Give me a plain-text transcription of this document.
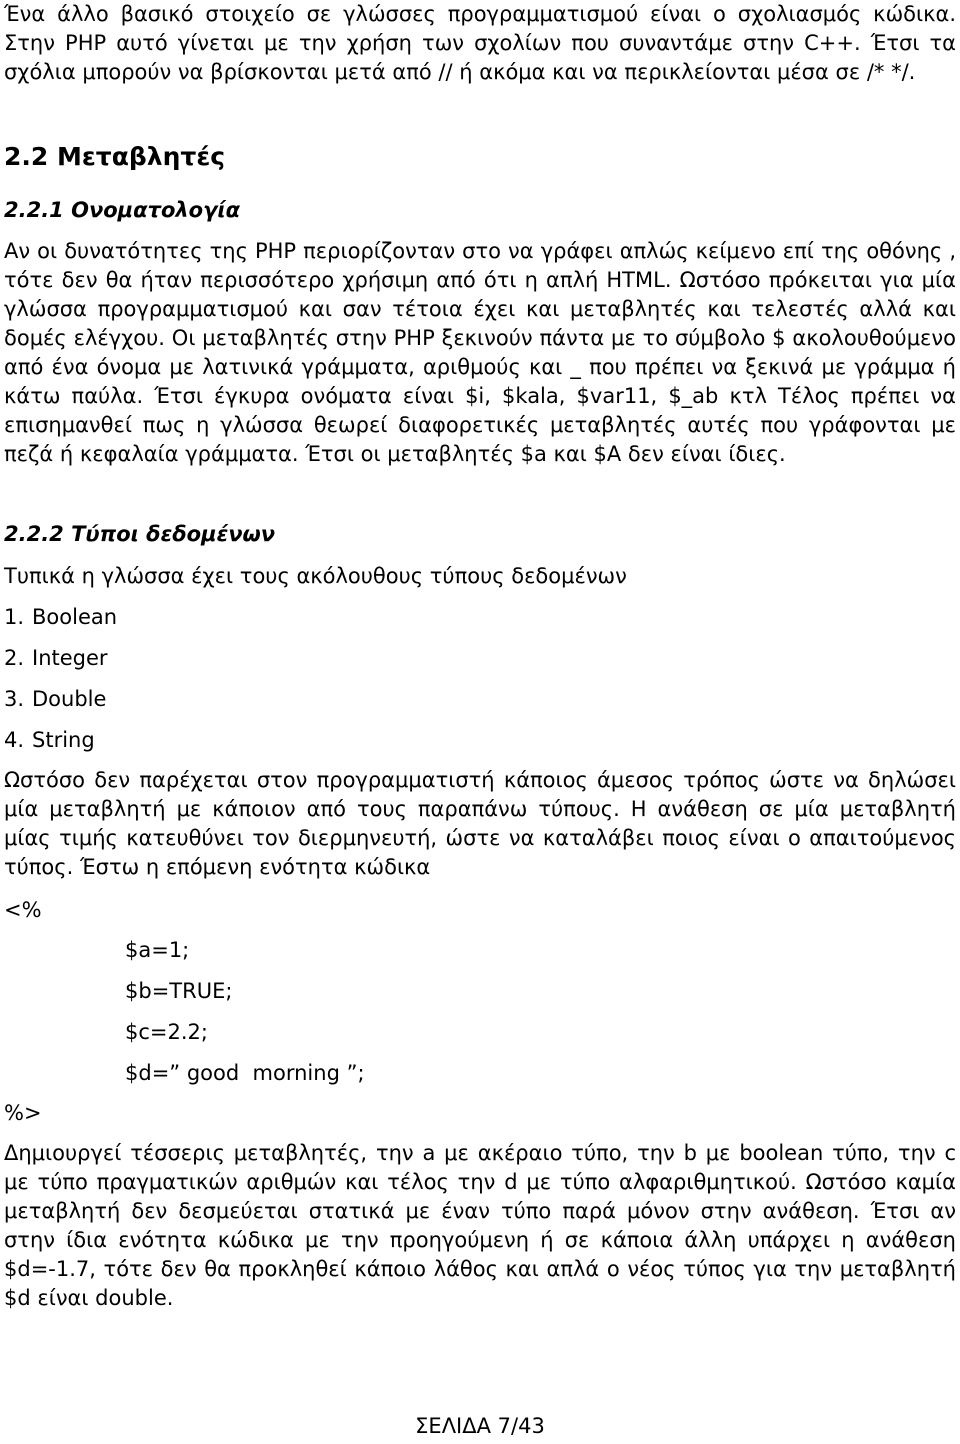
Ένα άλλο βασικό στοιχείο σε γλώσσες προγραμματισμού είναι ο σχολιασμός κώδικα. Στην PHP αυτό γίνεται με την χρήση των σχολίων που συναντάμε στην C++. Έτσι τα σχόλια μπορούν να βρίσκονται μετά από // ή ακόμα και να περικλείονται μέσα σε /* */.

2.2 Μεταβλητές
2.2.1 Ονοματολογία

Αν οι δυνατότητες της PHP περιορίζονταν στο να γράφει απλώς κείμενο επί της οθόνης , τότε δεν θα ήταν περισσότερο χρήσιμη από ότι η απλή HTML. Ωστόσο πρόκειται για μία γλώσσα προγραμματισμού και σαν τέτοια έχει και μεταβλητές και τελεστές αλλά και δομές ελέγχου. Οι μεταβλητές στην PHP ξεκινούν πάντα με το σύμβολο $ ακολουθούμενο από ένα όνομα με λατινικά γράμματα, αριθμούς και _ που πρέπει να ξεκινά με γράμμα ή κάτω παύλα. Έτσι έγκυρα ονόματα είναι $i, $kala, $var11, $_ab κτλ Τέλος πρέπει να επισημανθεί πως η γλώσσα θεωρεί διαφορετικές μεταβλητές αυτές που γράφονται με πεζά ή κεφαλαία γράμματα. Έτσι οι μεταβλητές $a και $A δεν είναι ίδιες.

2.2.2 Τύποι δεδομένων

Τυπικά η γλώσσα έχει τους ακόλουθους τύπους δεδομένων

1. Boolean
2. Integer
3. Double
4. String

Ωστόσο δεν παρέχεται στον προγραμματιστή κάποιος άμεσος τρόπος ώστε να δηλώσει μία μεταβλητή με κάποιον από τους παραπάνω τύπους. Η ανάθεση σε μία μεταβλητή μίας τιμής κατευθύνει τον διερμηνευτή, ώστε να καταλάβει ποιος είναι ο απαιτούμενος τύπος. Έστω η επόμενη ενότητα κώδικα

<%

$a=1;
$b=TRUE;
$c=2.2;
$d=” good  morning ”;

%>

Δημιουργεί τέσσερις μεταβλητές, την a με ακέραιο τύπο, την b με boolean τύπο, την c με τύπο πραγματικών αριθμών και τέλος την d με τύπο αλφαριθμητικού. Ωστόσο καμία μεταβλητή δεν δεσμεύεται στατικά με έναν τύπο παρά μόνον στην ανάθεση. Έτσι αν στην ίδια ενότητα κώδικα με την προηγούμενη ή σε κάποια άλλη υπάρχει η ανάθεση $d=-1.7, τότε δεν θα προκληθεί κάποιο λάθος και απλά ο νέος τύπος για την μεταβλητή $d είναι double.

ΣΕΛΙΔΑ 7/43
